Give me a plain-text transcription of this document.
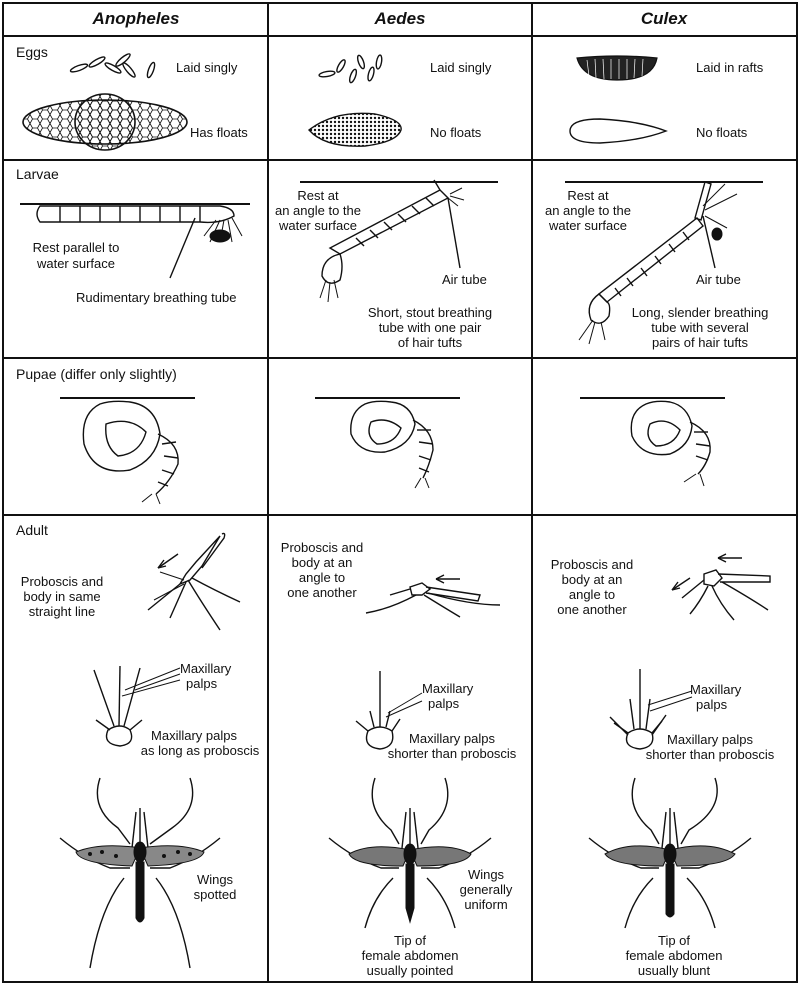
Anopheles	Aedes	Culex
Eggs
Larvae
Pupae (differ only slightly)
Adult
Laid singly
Has floats
Laid singly
No floats
Laid in rafts
No floats
Rest parallel to
water surface
Rudimentary breathing tube
Rest at
an angle to the
water surface
Air tube
Short, stout breathing
tube with one pair
of hair tufts
Rest at
an angle to the
water surface
Air tube
Long, slender breathing
tube with several
pairs of hair tufts
Proboscis and
body in same
straight line
Proboscis and
body at an
angle to
one another
Proboscis and
body at an
angle to
one another
Maxillary
palps
Maxillary palps
as long as proboscis
Maxillary
palps
Maxillary palps
shorter than proboscis
Maxillary
palps
Maxillary palps
shorter than proboscis
Wings
spotted
Wings
generally
uniform
Tip of
female abdomen
usually pointed
Tip of
female abdomen
usually blunt
